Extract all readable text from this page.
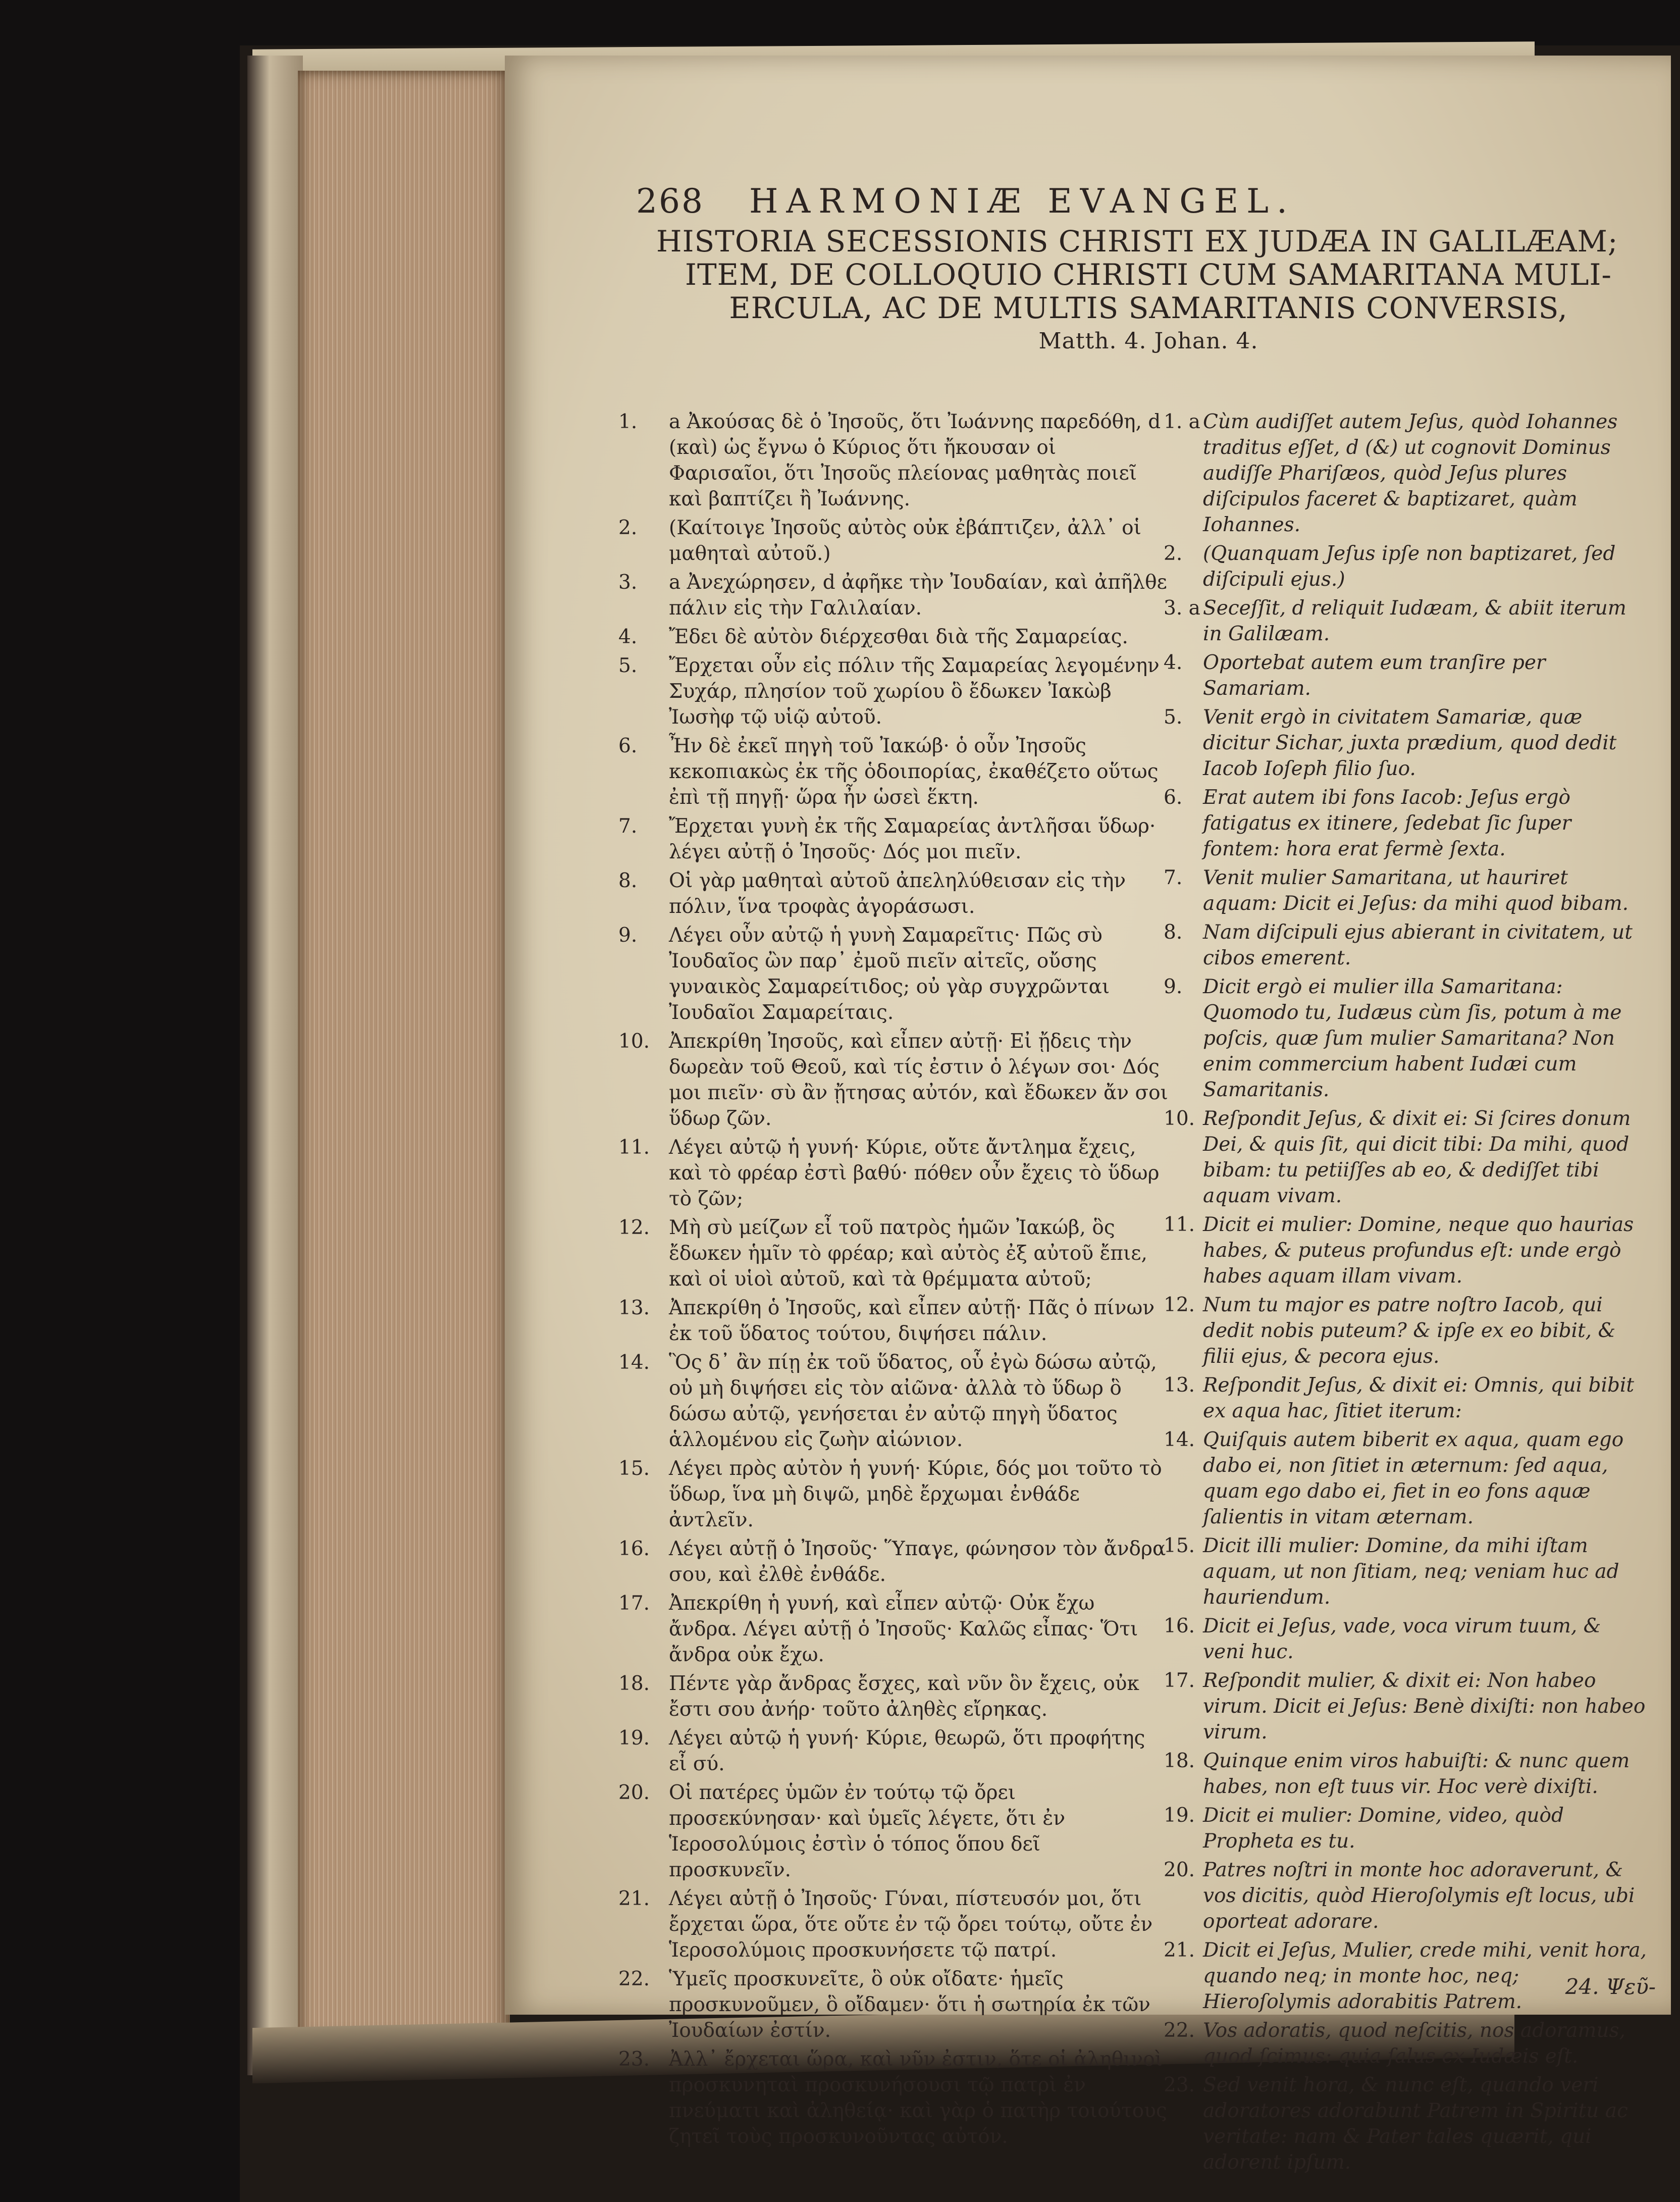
268 HARMONIÆ EVANGEL.
HISTORIA SECESSIONIS CHRISTI EX JUDÆA IN GALILÆAM;
ITEM, DE COLLOQUIO CHRISTI CUM SAMARITANA MULI-
ERCULA, AC DE MULTIS SAMARITANIS CONVERSIS,
Matth. 4. Johan. 4.
1.	a Ἀκούσας δὲ ὁ Ἰησοῦς, ὅτι Ἰωάννης παρεδόθη, d (καὶ) ὡς ἔγνω ὁ Κύριος ὅτι ἤκουσαν οἱ Φαρισαῖοι, ὅτι Ἰησοῦς πλείονας μαθητὰς ποιεῖ καὶ βαπτίζει ἢ Ἰωάννης.
2.	(Καίτοιγε Ἰησοῦς αὐτὸς οὐκ ἐβάπτιζεν, ἀλλ᾽ οἱ μαθηταὶ αὐτοῦ.)
3.	a Ἀνεχώρησεν, d ἀφῆκε τὴν Ἰουδαίαν, καὶ ἀπῆλθε πάλιν εἰς τὴν Γαλιλαίαν.
4.	Ἔδει δὲ αὐτὸν διέρχεσθαι διὰ τῆς Σαμαρείας.
5.	Ἔρχεται οὖν εἰς πόλιν τῆς Σαμαρείας λεγομένην Συχάρ, πλησίον τοῦ χωρίου ὃ ἔδωκεν Ἰακὼβ Ἰωσὴφ τῷ υἱῷ αὐτοῦ.
6.	Ἦν δὲ ἐκεῖ πηγὴ τοῦ Ἰακώβ· ὁ οὖν Ἰησοῦς κεκοπιακὼς ἐκ τῆς ὁδοιπορίας, ἐκαθέζετο οὕτως ἐπὶ τῇ πηγῇ· ὥρα ἦν ὡσεὶ ἕκτη.
7.	Ἔρχεται γυνὴ ἐκ τῆς Σαμαρείας ἀντλῆσαι ὕδωρ· λέγει αὐτῇ ὁ Ἰησοῦς· Δός μοι πιεῖν.
8.	Οἱ γὰρ μαθηταὶ αὐτοῦ ἀπεληλύθεισαν εἰς τὴν πόλιν, ἵνα τροφὰς ἀγοράσωσι.
9.	Λέγει οὖν αὐτῷ ἡ γυνὴ Σαμαρεῖτις· Πῶς σὺ Ἰουδαῖος ὢν παρ᾽ ἐμοῦ πιεῖν αἰτεῖς, οὔσης γυναικὸς Σαμαρείτιδος; οὐ γὰρ συγχρῶνται Ἰουδαῖοι Σαμαρείταις.
10. Ἀπεκρίθη Ἰησοῦς, καὶ εἶπεν αὐτῇ· Εἰ ᾔδεις τὴν δωρεὰν τοῦ Θεοῦ, καὶ τίς ἐστιν ὁ λέγων σοι· Δός μοι πιεῖν· σὺ ἂν ᾔτησας αὐτόν, καὶ ἔδωκεν ἄν σοι ὕδωρ ζῶν.
11. Λέγει αὐτῷ ἡ γυνή· Κύριε, οὔτε ἄντλημα ἔχεις, καὶ τὸ φρέαρ ἐστὶ βαθύ· πόθεν οὖν ἔχεις τὸ ὕδωρ τὸ ζῶν;
12. Μὴ σὺ μείζων εἶ τοῦ πατρὸς ἡμῶν Ἰακώβ, ὃς ἔδωκεν ἡμῖν τὸ φρέαρ; καὶ αὐτὸς ἐξ αὐτοῦ ἔπιε, καὶ οἱ υἱοὶ αὐτοῦ, καὶ τὰ θρέμματα αὐτοῦ;
13. Ἀπεκρίθη ὁ Ἰησοῦς, καὶ εἶπεν αὐτῇ· Πᾶς ὁ πίνων ἐκ τοῦ ὕδατος τούτου, διψήσει πάλιν.
14. Ὃς δ᾽ ἂν πίῃ ἐκ τοῦ ὕδατος, οὗ ἐγὼ δώσω αὐτῷ, οὐ μὴ διψήσει εἰς τὸν αἰῶνα· ἀλλὰ τὸ ὕδωρ ὃ δώσω αὐτῷ, γενήσεται ἐν αὐτῷ πηγὴ ὕδατος ἁλλομένου εἰς ζωὴν αἰώνιον.
15. Λέγει πρὸς αὐτὸν ἡ γυνή· Κύριε, δός μοι τοῦτο τὸ ὕδωρ, ἵνα μὴ διψῶ, μηδὲ ἔρχωμαι ἐνθάδε ἀντλεῖν.
16. Λέγει αὐτῇ ὁ Ἰησοῦς· Ὕπαγε, φώνησον τὸν ἄνδρα σου, καὶ ἐλθὲ ἐνθάδε.
17. Ἀπεκρίθη ἡ γυνή, καὶ εἶπεν αὐτῷ· Οὐκ ἔχω ἄνδρα. Λέγει αὐτῇ ὁ Ἰησοῦς· Καλῶς εἶπας· Ὅτι ἄνδρα οὐκ ἔχω.
18. Πέντε γὰρ ἄνδρας ἔσχες, καὶ νῦν ὃν ἔχεις, οὐκ ἔστι σου ἀνήρ· τοῦτο ἀληθὲς εἴρηκας.
19. Λέγει αὐτῷ ἡ γυνή· Κύριε, θεωρῶ, ὅτι προφήτης εἶ σύ.
20. Οἱ πατέρες ὑμῶν ἐν τούτῳ τῷ ὄρει προσεκύνησαν· καὶ ὑμεῖς λέγετε, ὅτι ἐν Ἱεροσολύμοις ἐστὶν ὁ τόπος ὅπου δεῖ προσκυνεῖν.
21. Λέγει αὐτῇ ὁ Ἰησοῦς· Γύναι, πίστευσόν μοι, ὅτι ἔρχεται ὥρα, ὅτε οὔτε ἐν τῷ ὄρει τούτῳ, οὔτε ἐν Ἱεροσολύμοις προσκυνήσετε τῷ πατρί.
22. Ὑμεῖς προσκυνεῖτε, ὃ οὐκ οἴδατε· ἡμεῖς προσκυνοῦμεν, ὃ οἴδαμεν· ὅτι ἡ σωτηρία ἐκ τῶν Ἰουδαίων ἐστίν.
23. Ἀλλ᾽ ἔρχεται ὥρα, καὶ νῦν ἐστιν, ὅτε οἱ ἀληθινοὶ προσκυνηταὶ προσκυνήσουσι τῷ πατρὶ ἐν πνεύματι καὶ ἀληθείᾳ· καὶ γὰρ ὁ πατὴρ τοιούτους ζητεῖ τοὺς προσκυνοῦντας αὐτόν.
1. a Cùm audiſſet autem Jeſus, quòd Iohannes traditus eſſet, d (&) ut cognovit Dominus audiſſe Phariſæos, quòd Jeſus plures diſcipulos faceret & baptizaret, quàm Iohannes.
2.	(Quanquam Jeſus ipſe non baptizaret, ſed diſcipuli ejus.)
3. a Seceſſit, d reliquit Iudæam, & abiit iterum in Galilæam.
4.	Oportebat autem eum tranſire per Samariam.
5.	Venit ergò in civitatem Samariæ, quæ dicitur Sichar, juxta prædium, quod dedit Iacob Ioſeph filio ſuo.
6.	Erat autem ibi fons Iacob: Jeſus ergò fatigatus ex itinere, ſedebat ſic ſuper fontem: hora erat fermè ſexta.
7.	Venit mulier Samaritana, ut hauriret aquam: Dicit ei Jeſus: da mihi quod bibam.
8.	Nam diſcipuli ejus abierant in civitatem, ut cibos emerent.
9.	Dicit ergò ei mulier illa Samaritana: Quomodo tu, Iudæus cùm ſis, potum à me poſcis, quæ ſum mulier Samaritana? Non enim commercium habent Iudæi cum Samaritanis.
10. Reſpondit Jeſus, & dixit ei: Si ſcires donum Dei, & quis ſit, qui dicit tibi: Da mihi, quod bibam: tu petiiſſes ab eo, & dediſſet tibi aquam vivam.
11. Dicit ei mulier: Domine, neque quo haurias habes, & puteus profundus eſt: unde ergò habes aquam illam vivam.
12. Num tu major es patre noſtro Iacob, qui dedit nobis puteum? & ipſe ex eo bibit, & filii ejus, & pecora ejus.
13. Reſpondit Jeſus, & dixit ei: Omnis, qui bibit ex aqua hac, ſitiet iterum:
14. Quiſquis autem biberit ex aqua, quam ego dabo ei, non ſitiet in æternum: ſed aqua, quam ego dabo ei, fiet in eo fons aquæ ſalientis in vitam æternam.
15. Dicit illi mulier: Domine, da mihi iſtam aquam, ut non ſitiam, neq; veniam huc ad hauriendum.
16. Dicit ei Jeſus, vade, voca virum tuum, & veni huc.
17. Reſpondit mulier, & dixit ei: Non habeo virum. Dicit ei Jeſus: Benè dixiſti: non habeo virum.
18. Quinque enim viros habuiſti: & nunc quem habes, non eſt tuus vir. Hoc verè dixiſti.
19. Dicit ei mulier: Domine, video, quòd Propheta es tu.
20. Patres noſtri in monte hoc adoraverunt, & vos dicitis, quòd Hieroſolymis eſt locus, ubi oporteat adorare.
21. Dicit ei Jeſus, Mulier, crede mihi, venit hora, quando neq; in monte hoc, neq; Hieroſolymis adorabitis Patrem.
22. Vos adoratis, quod neſcitis, nos adoramus, quod ſcimus: quia ſalus ex Iudæis eſt.
23. Sed venit hora, & nunc eſt, quando veri adoratores adorabunt Patrem in Spiritu ac veritate: nam & Pater tales quærit, qui adorent ipſum.
24. Ψεῦ-
